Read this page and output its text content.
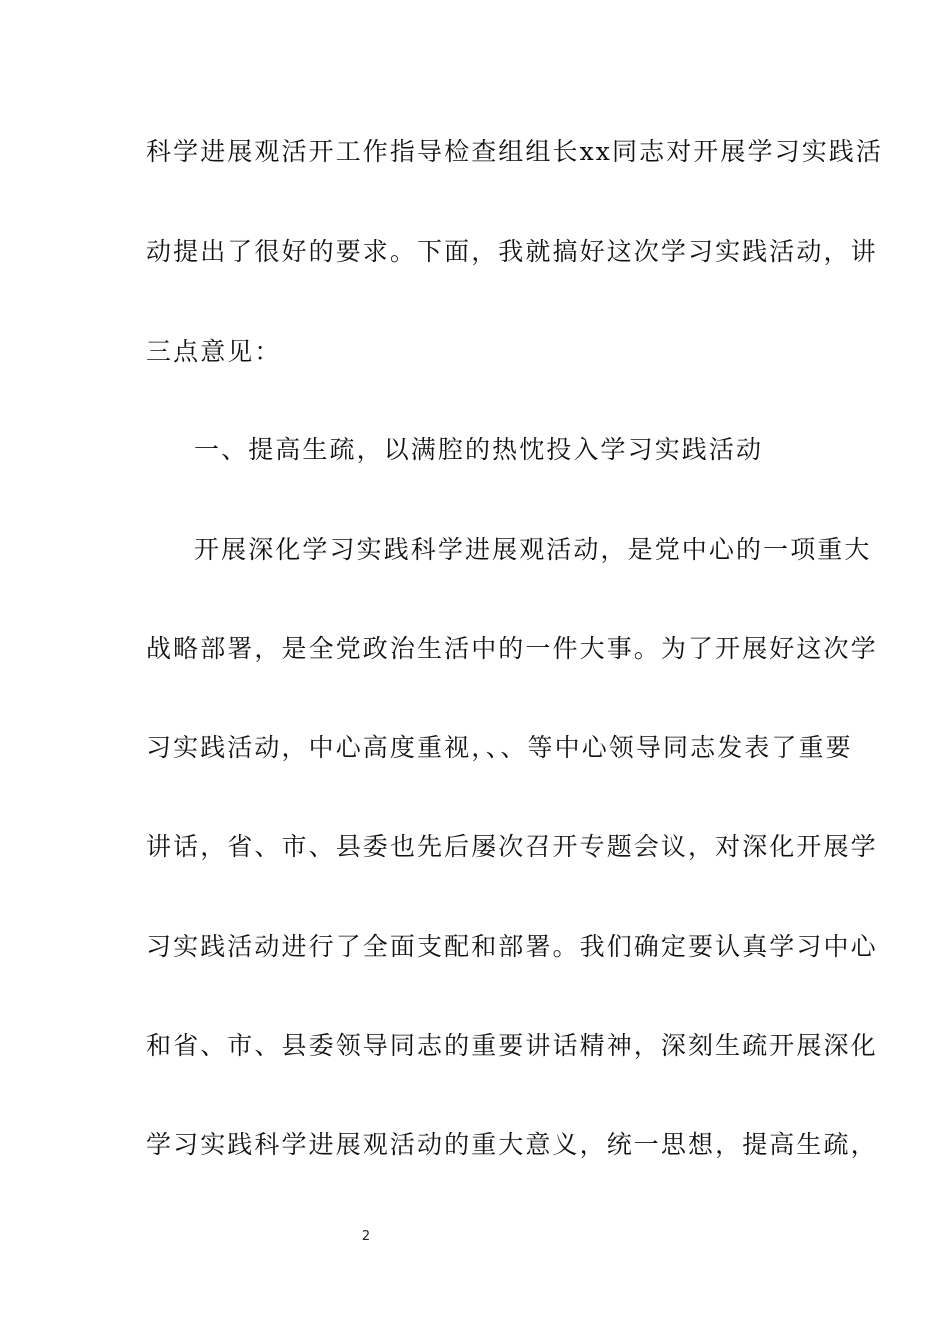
科学进展观活开工作指导检查组组长xx同志对开展学习实践活
动提出了很好的要求。下面，我就搞好这次学习实践活动，讲
三点意见：
一、提高生疏，以满腔的热忱投入学习实践活动
开展深化学习实践科学进展观活动，是党中心的一项重大
战略部署，是全党政治生活中的一件大事。为了开展好这次学
习实践活动，中心高度重视，、、等中心领导同志发表了重要
讲话，省、市、县委也先后屡次召开专题会议，对深化开展学
习实践活动进行了全面支配和部署。我们确定要认真学习中心
和省、市、县委领导同志的重要讲话精神，深刻生疏开展深化
学习实践科学进展观活动的重大意义，统一思想，提高生疏，
2
